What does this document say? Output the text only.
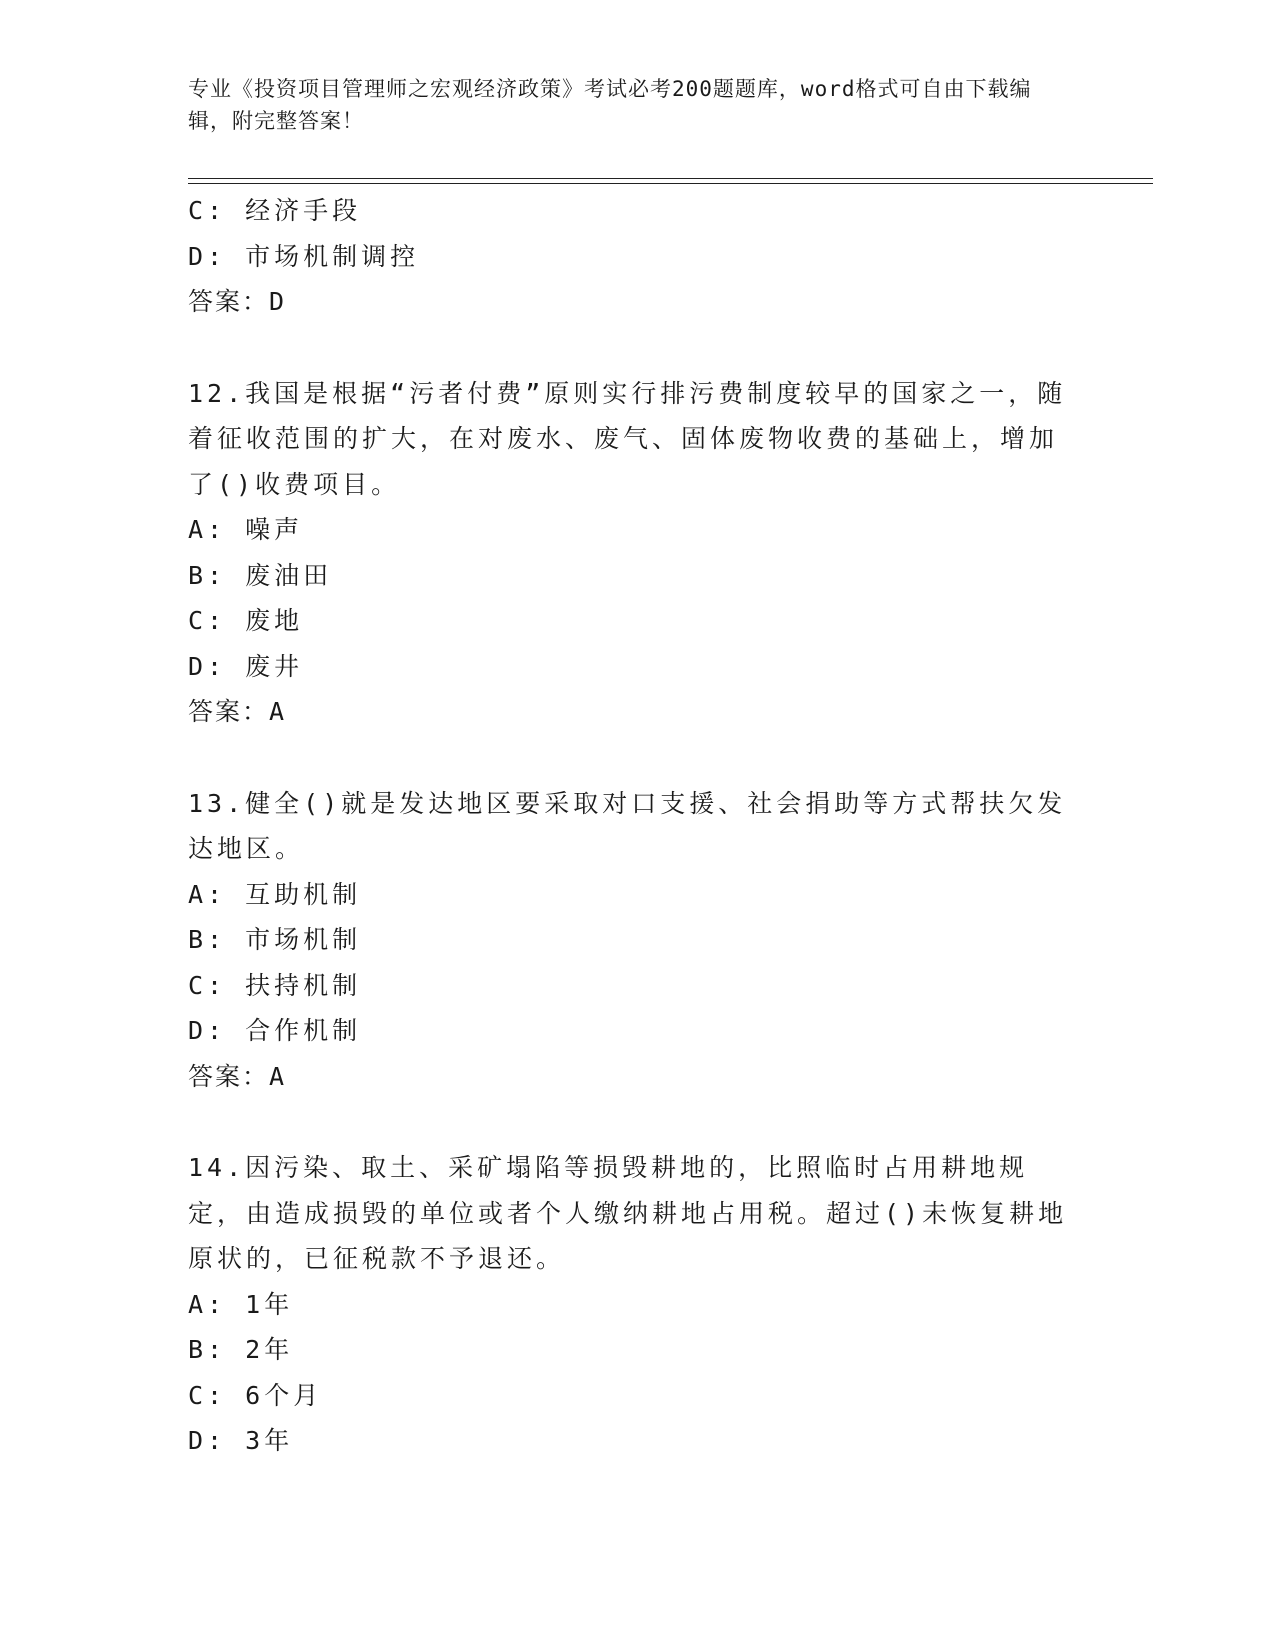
专业《投资项目管理师之宏观经济政策》考试必考200题题库，word格式可自由下载编辑，附完整答案！
C: 经济手段
D: 市场机制调控
答案：D
12.我国是根据“污者付费”原则实行排污费制度较早的国家之一，随着征收范围的扩大，在对废水、废气、固体废物收费的基础上，增加了()收费项目。
A: 噪声
B: 废油田
C: 废地
D: 废井
答案：A
13.健全()就是发达地区要采取对口支援、社会捐助等方式帮扶欠发达地区。
A: 互助机制
B: 市场机制
C: 扶持机制
D: 合作机制
答案：A
14.因污染、取土、采矿塌陷等损毁耕地的，比照临时占用耕地规定，由造成损毁的单位或者个人缴纳耕地占用税。超过()未恢复耕地原状的，已征税款不予退还。
A: 1年
B: 2年
C: 6个月
D: 3年
